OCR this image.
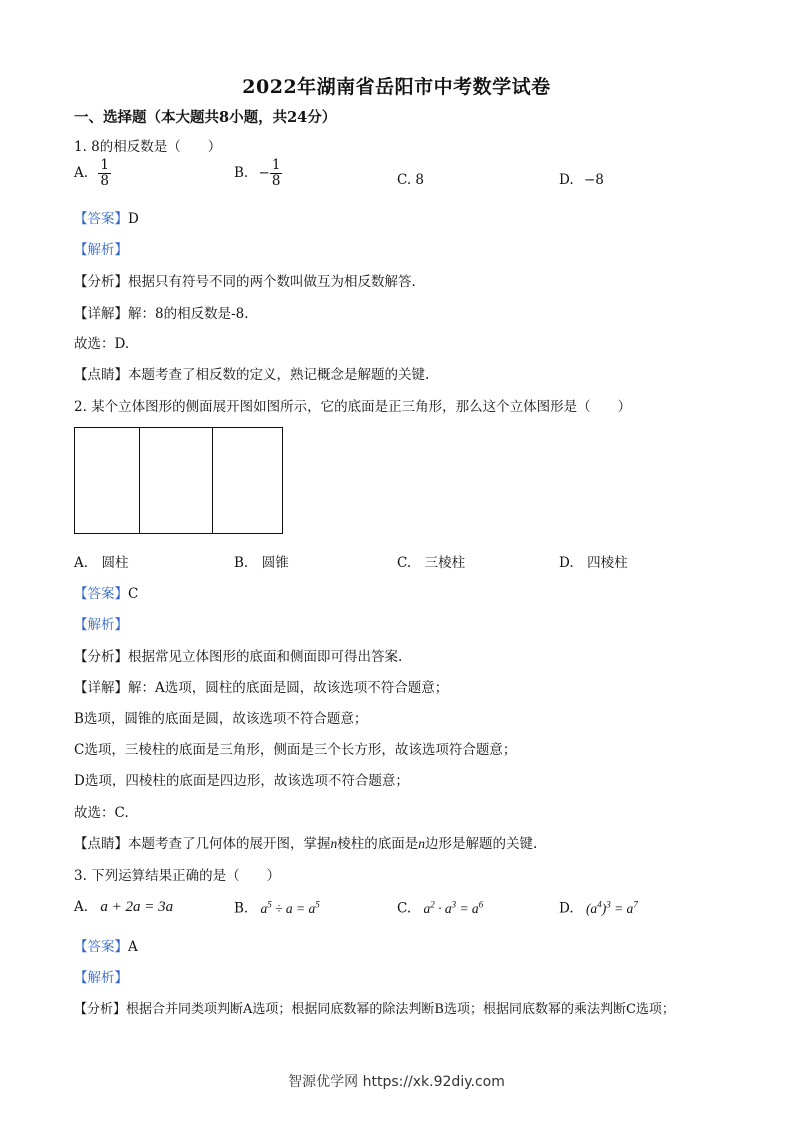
2022年湖南省岳阳市中考数学试卷
一、选择题（本大题共8小题，共24分）
1. 8的相反数是（　　）
A. $\frac{1}{8}$	B. − $\frac{1}{8}$	C. 8	D. −8
【答案】D
【解析】
【分析】根据只有符号不同的两个数叫做互为相反数解答.
【详解】解：8的相反数是-8.
故选：D.
【点睛】本题考查了相反数的定义，熟记概念是解题的关键.
2. 某个立体图形的侧面展开图如图所示，它的底面是正三角形，那么这个立体图形是（　　）
A.　圆柱	B.　圆锥	C.　三棱柱	D.　四棱柱
【答案】C
【解析】
【分析】根据常见立体图形的底面和侧面即可得出答案.
【详解】解：A选项，圆柱的底面是圆，故该选项不符合题意；
B选项，圆锥的底面是圆，故该选项不符合题意；
C选项，三棱柱的底面是三角形，侧面是三个长方形，故该选项符合题意；
D选项，四棱柱的底面是四边形，故该选项不符合题意；
故选：C.
【点睛】本题考查了几何体的展开图，掌握n棱柱的底面是n边形是解题的关键.
3. 下列运算结果正确的是（　　）
A. a + 2a = 3a	B. $a^5 \div a = a^5$	C. $a^2 \cdot a^3 = a^6$	D. $(a^4)^3 = a^7$
【答案】A
【解析】
【分析】根据合并同类项判断A选项；根据同底数幂的除法判断B选项；根据同底数幂的乘法判断C选项；
智源优学网 https://xk.92diy.com
